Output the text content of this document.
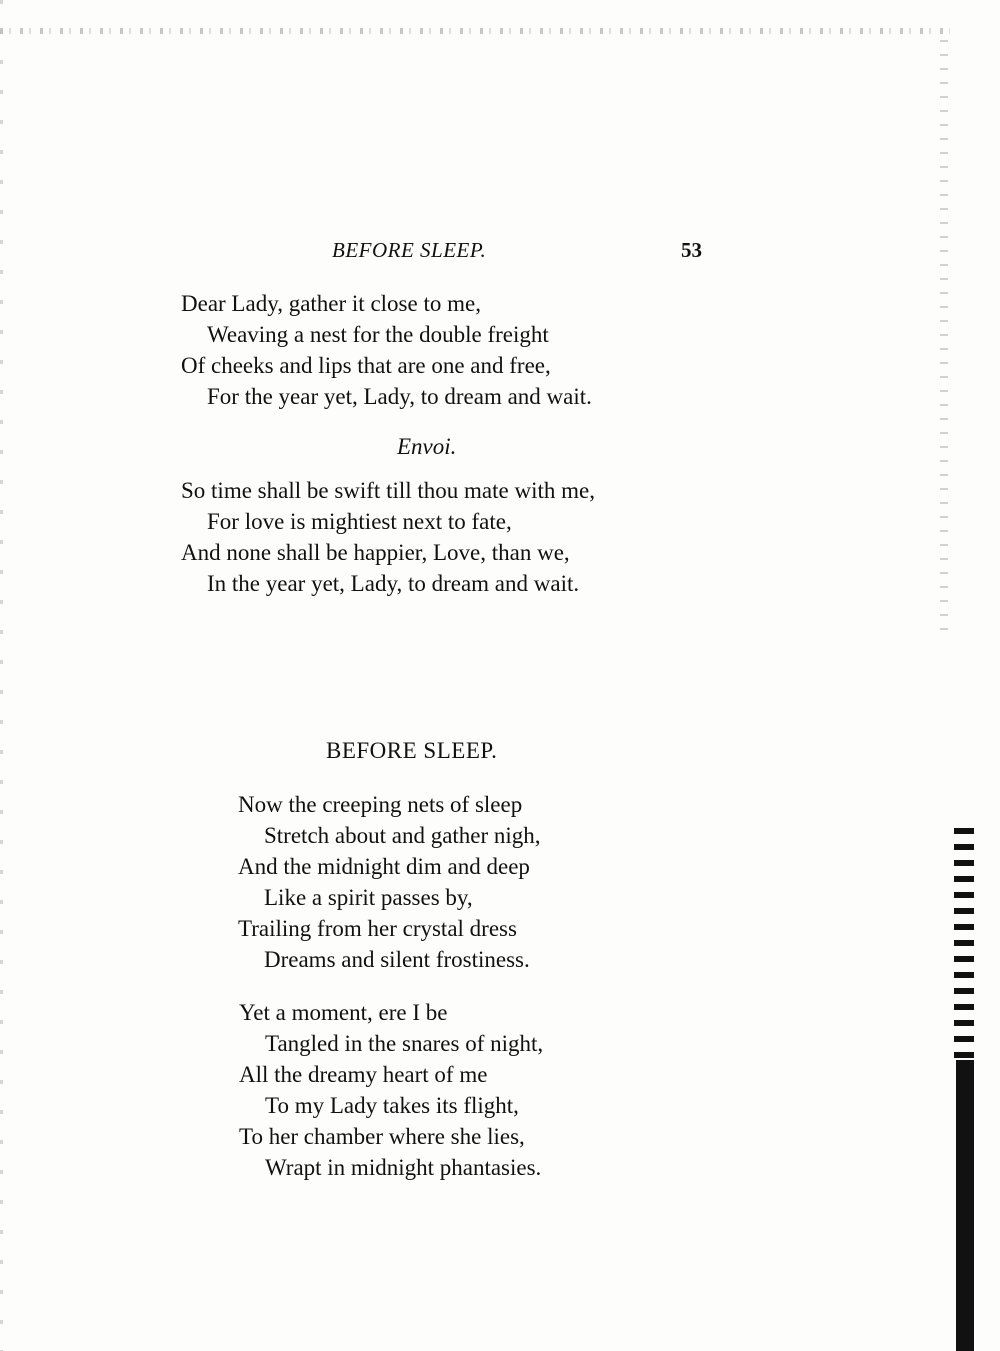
BEFORE SLEEP.	53
Dear Lady, gather it close to me,
Weaving a nest for the double freight
Of cheeks and lips that are one and free,
For the year yet, Lady, to dream and wait.
Envoi.
So time shall be swift till thou mate with me,
For love is mightiest next to fate,
And none shall be happier, Love, than we,
In the year yet, Lady, to dream and wait.
BEFORE SLEEP.
Now the creeping nets of sleep
Stretch about and gather nigh,
And the midnight dim and deep
Like a spirit passes by,
Trailing from her crystal dress
Dreams and silent frostiness.
Yet a moment, ere I be
Tangled in the snares of night,
All the dreamy heart of me
To my Lady takes its flight,
To her chamber where she lies,
Wrapt in midnight phantasies.
